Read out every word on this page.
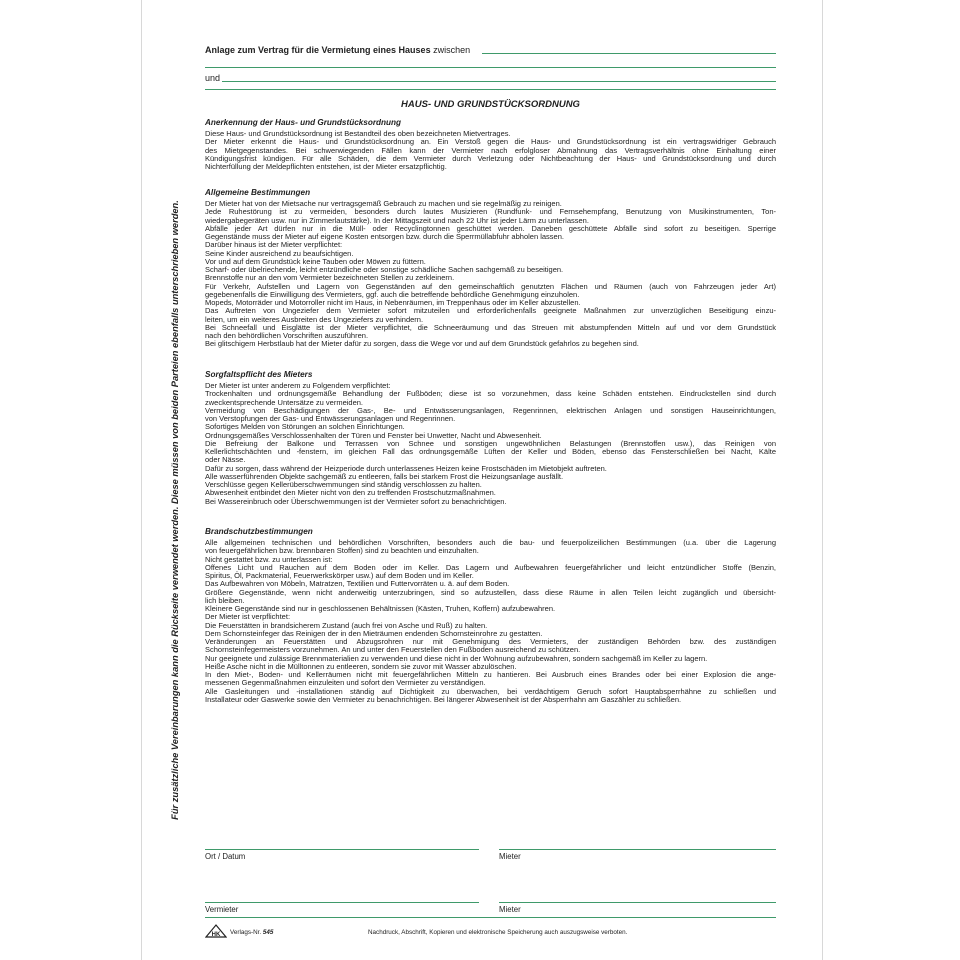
Für zusätzliche Vereinbarungen kann die Rückseite verwendet werden. Diese müssen von beiden Parteien ebenfalls unterschrieben werden.
Anlage zum Vertrag für die Vermietung eines Hauses zwischen
und
HAUS- UND GRUNDSTÜCKSORDNUNG
Anerkennung der Haus- und Grundstücksordnung
Diese Haus- und Grundstücksordnung ist Bestandteil des oben bezeichneten Mietvertrages.
Der Mieter erkennt die Haus- und Grundstücksordnung an. Ein Verstoß gegen die Haus- und Grundstücksordnung ist ein vertragswidriger Gebrauch
des Mietgegenstandes. Bei schwerwiegenden Fällen kann der Vermieter nach erfolgloser Abmahnung das Vertragsverhältnis ohne Einhaltung einer
Kündigungsfrist kündigen. Für alle Schäden, die dem Vermieter durch Verletzung oder Nichtbeachtung der Haus- und Grundstücksordnung und durch
Nichterfüllung der Meldepflichten entstehen, ist der Mieter ersatzpflichtig.
Allgemeine Bestimmungen
Der Mieter hat von der Mietsache nur vertragsgemäß Gebrauch zu machen und sie regelmäßig zu reinigen.
Jede Ruhestörung ist zu vermeiden, besonders durch lautes Musizieren (Rundfunk- und Fernsehempfang, Benutzung von Musikinstrumenten, Ton-
wiedergabegeräten usw. nur in Zimmerlautstärke). In der Mittagszeit und nach 22 Uhr ist jeder Lärm zu unterlassen.
Abfälle jeder Art dürfen nur in die Müll- oder Recyclingtonnen geschüttet werden. Daneben geschüttete Abfälle sind sofort zu beseitigen. Sperrige
Gegenstände muss der Mieter auf eigene Kosten entsorgen bzw. durch die Sperrmüllabfuhr abholen lassen.
Darüber hinaus ist der Mieter verpflichtet:
Seine Kinder ausreichend zu beaufsichtigen.
Vor und auf dem Grundstück keine Tauben oder Möwen zu füttern.
Scharf- oder übelriechende, leicht entzündliche oder sonstige schädliche Sachen sachgemäß zu beseitigen.
Brennstoffe nur an den vom Vermieter bezeichneten Stellen zu zerkleinern.
Für Verkehr, Aufstellen und Lagern von Gegenständen auf den gemeinschaftlich genutzten Flächen und Räumen (auch von Fahrzeugen jeder Art)
gegebenenfalls die Einwilligung des Vermieters, ggf. auch die betreffende behördliche Genehmigung einzuholen.
Mopeds, Motorräder und Motorroller nicht im Haus, in Nebenräumen, im Treppenhaus oder im Keller abzustellen.
Das Auftreten von Ungeziefer dem Vermieter sofort mitzuteilen und erforderlichenfalls geeignete Maßnahmen zur unverzüglichen Beseitigung einzu-
leiten, um ein weiteres Ausbreiten des Ungeziefers zu verhindern.
Bei Schneefall und Eisglätte ist der Mieter verpflichtet, die Schneeräumung und das Streuen mit abstumpfenden Mitteln auf und vor dem Grundstück
nach den behördlichen Vorschriften auszuführen.
Bei glitschigem Herbstlaub hat der Mieter dafür zu sorgen, dass die Wege vor und auf dem Grundstück gefahrlos zu begehen sind.
Sorgfaltspflicht des Mieters
Der Mieter ist unter anderem zu Folgendem verpflichtet:
Trockenhalten und ordnungsgemäße Behandlung der Fußböden; diese ist so vorzunehmen, dass keine Schäden entstehen. Eindruckstellen sind durch
zweckentsprechende Untersätze zu vermeiden.
Vermeidung von Beschädigungen der Gas-, Be- und Entwässerungsanlagen, Regenrinnen, elektrischen Anlagen und sonstigen Hauseinrichtungen,
von Verstopfungen der Gas- und Entwässerungsanlagen und Regenrinnen.
Sofortiges Melden von Störungen an solchen Einrichtungen.
Ordnungsgemäßes Verschlossenhalten der Türen und Fenster bei Unwetter, Nacht und Abwesenheit.
Die Befreiung der Balkone und Terrassen von Schnee und sonstigen ungewöhnlichen Belastungen (Brennstoffen usw.), das Reinigen von
Kellerlichtschächten und -fenstern, im gleichen Fall das ordnungsgemäße Lüften der Keller und Böden, ebenso das Fensterschließen bei Nacht, Kälte
oder Nässe.
Dafür zu sorgen, dass während der Heizperiode durch unterlassenes Heizen keine Frostschäden im Mietobjekt auftreten.
Alle wasserführenden Objekte sachgemäß zu entleeren, falls bei starkem Frost die Heizungsanlage ausfällt.
Verschlüsse gegen Kellerüberschwemmungen sind ständig verschlossen zu halten.
Abwesenheit entbindet den Mieter nicht von den zu treffenden Frostschutzmaßnahmen.
Bei Wassereinbruch oder Überschwemmungen ist der Vermieter sofort zu benachrichtigen.
Brandschutzbestimmungen
Alle allgemeinen technischen und behördlichen Vorschriften, besonders auch die bau- und feuerpolizeilichen Bestimmungen (u.a. über die Lagerung
von feuergefährlichen bzw. brennbaren Stoffen) sind zu beachten und einzuhalten.
Nicht gestattet bzw. zu unterlassen ist:
Offenes Licht und Rauchen auf dem Boden oder im Keller. Das Lagern und Aufbewahren feuergefährlicher und leicht entzündlicher Stoffe (Benzin,
Spiritus, Öl, Packmaterial, Feuerwerkskörper usw.) auf dem Boden und im Keller.
Das Aufbewahren von Möbeln, Matratzen, Textilien und Futtervorräten u. ä. auf dem Boden.
Größere Gegenstände, wenn nicht anderweitig unterzubringen, sind so aufzustellen, dass diese Räume in allen Teilen leicht zugänglich und übersicht-
lich bleiben.
Kleinere Gegenstände sind nur in geschlossenen Behältnissen (Kästen, Truhen, Koffern) aufzubewahren.
Der Mieter ist verpflichtet:
Die Feuerstätten in brandsicherem Zustand (auch frei von Asche und Ruß) zu halten.
Dem Schornsteinfeger das Reinigen der in den Mieträumen endenden Schornsteinrohre zu gestatten.
Veränderungen an Feuerstätten und Abzugsrohren nur mit Genehmigung des Vermieters, der zuständigen Behörden bzw. des zuständigen
Schornsteinfegermeisters vorzunehmen. An und unter den Feuerstellen den Fußboden ausreichend zu schützen.
Nur geeignete und zulässige Brennmaterialien zu verwenden und diese nicht in der Wohnung aufzubewahren, sondern sachgemäß im Keller zu lagern.
Heiße Asche nicht in die Mülltonnen zu entleeren, sondern sie zuvor mit Wasser abzulöschen.
In den Miet-, Boden- und Kellerräumen nicht mit feuergefährlichen Mitteln zu hantieren. Bei Ausbruch eines Brandes oder bei einer Explosion die ange-
messenen Gegenmaßnahmen einzuleiten und sofort den Vermieter zu verständigen.
Alle Gasleitungen und -installationen ständig auf Dichtigkeit zu überwachen, bei verdächtigem Geruch sofort Hauptabsperrhähne zu schließen und
Installateur oder Gaswerke sowie den Vermieter zu benachrichtigen. Bei längerer Abwesenheit ist der Absperrhahn am Gaszähler zu schließen.
Ort / Datum	Mieter
Vermieter	Mieter
HK Verlags-Nr. 545	Nachdruck, Abschrift, Kopieren und elektronische Speicherung auch auszugsweise verboten.
